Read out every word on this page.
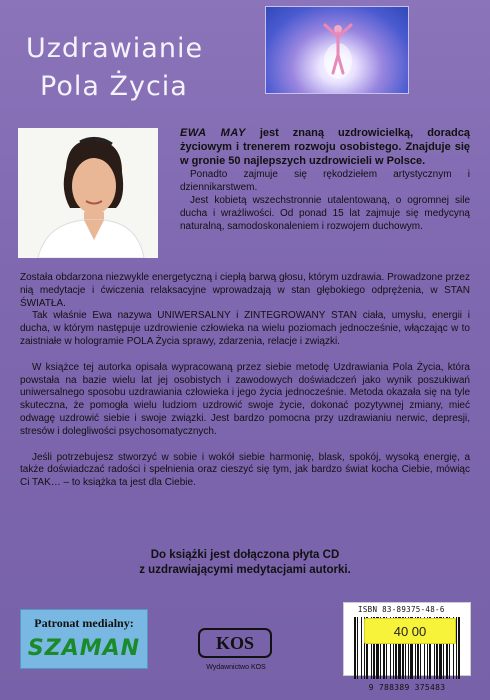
Uzdrawianie
Pola Życia

EWA MAY jest znaną uzdrowicielką, doradcą życiowym i trenerem rozwoju osobistego. Znajduje się w gronie 50 najlepszych uzdrowicieli w Polsce.

Ponadto zajmuje się rękodziełem artystycznym i dziennikarstwem.

Jest kobietą wszechstronnie utalentowaną, o ogromnej sile ducha i wrażliwości. Od ponad 15 lat zajmuje się medycyną naturalną, samodoskonaleniem i rozwojem duchowym.

Została obdarzona niezwykle energetyczną i ciepłą barwą głosu, którym uzdrawia. Prowadzone przez nią medytacje i ćwiczenia relaksacyjne wprowadzają w stan głębokiego odprężenia, w STAN ŚWIATŁA.

Tak właśnie Ewa nazywa UNIWERSALNY i ZINTEGROWANY STAN ciała, umysłu, energii i ducha, w którym następuje uzdrowienie człowieka na wielu poziomach jednocześnie, włączając w to zaistniałe w hologramie POLA Życia sprawy, zdarzenia, relacje i związki.

W książce tej autorka opisała wypracowaną przez siebie metodę Uzdrawiania Pola Życia, która powstała na bazie wielu lat jej osobistych i zawodowych doświadczeń jako wynik poszukiwań uniwersalnego sposobu uzdrawiania człowieka i jego życia jednocześnie. Metoda okazała się na tyle skuteczna, że pomogła wielu ludziom uzdrowić swoje życie, dokonać pozytywnej zmiany, mieć odwagę uzdrowić siebie i swoje związki. Jest bardzo pomocna przy uzdrawianiu nerwic, depresji, stresów i dolegliwości psychosomatycznych.

Jeśli potrzebujesz stworzyć w sobie i wokół siebie harmonię, blask, spokój, wysoką energię, a także doświadczać radości i spełnienia oraz cieszyć się tym, jak bardzo świat kocha Ciebie, mówiąc Ci TAK… – to książka ta jest dla Ciebie.

Do książki jest dołączona płyta CD
z uzdrawiającymi medytacjami autorki.
Patronat medialny:
SZAMAN	KOS
Wydawnictwo KOS
ISBN 83-89375-48-6
40 00
9 788389 375483
